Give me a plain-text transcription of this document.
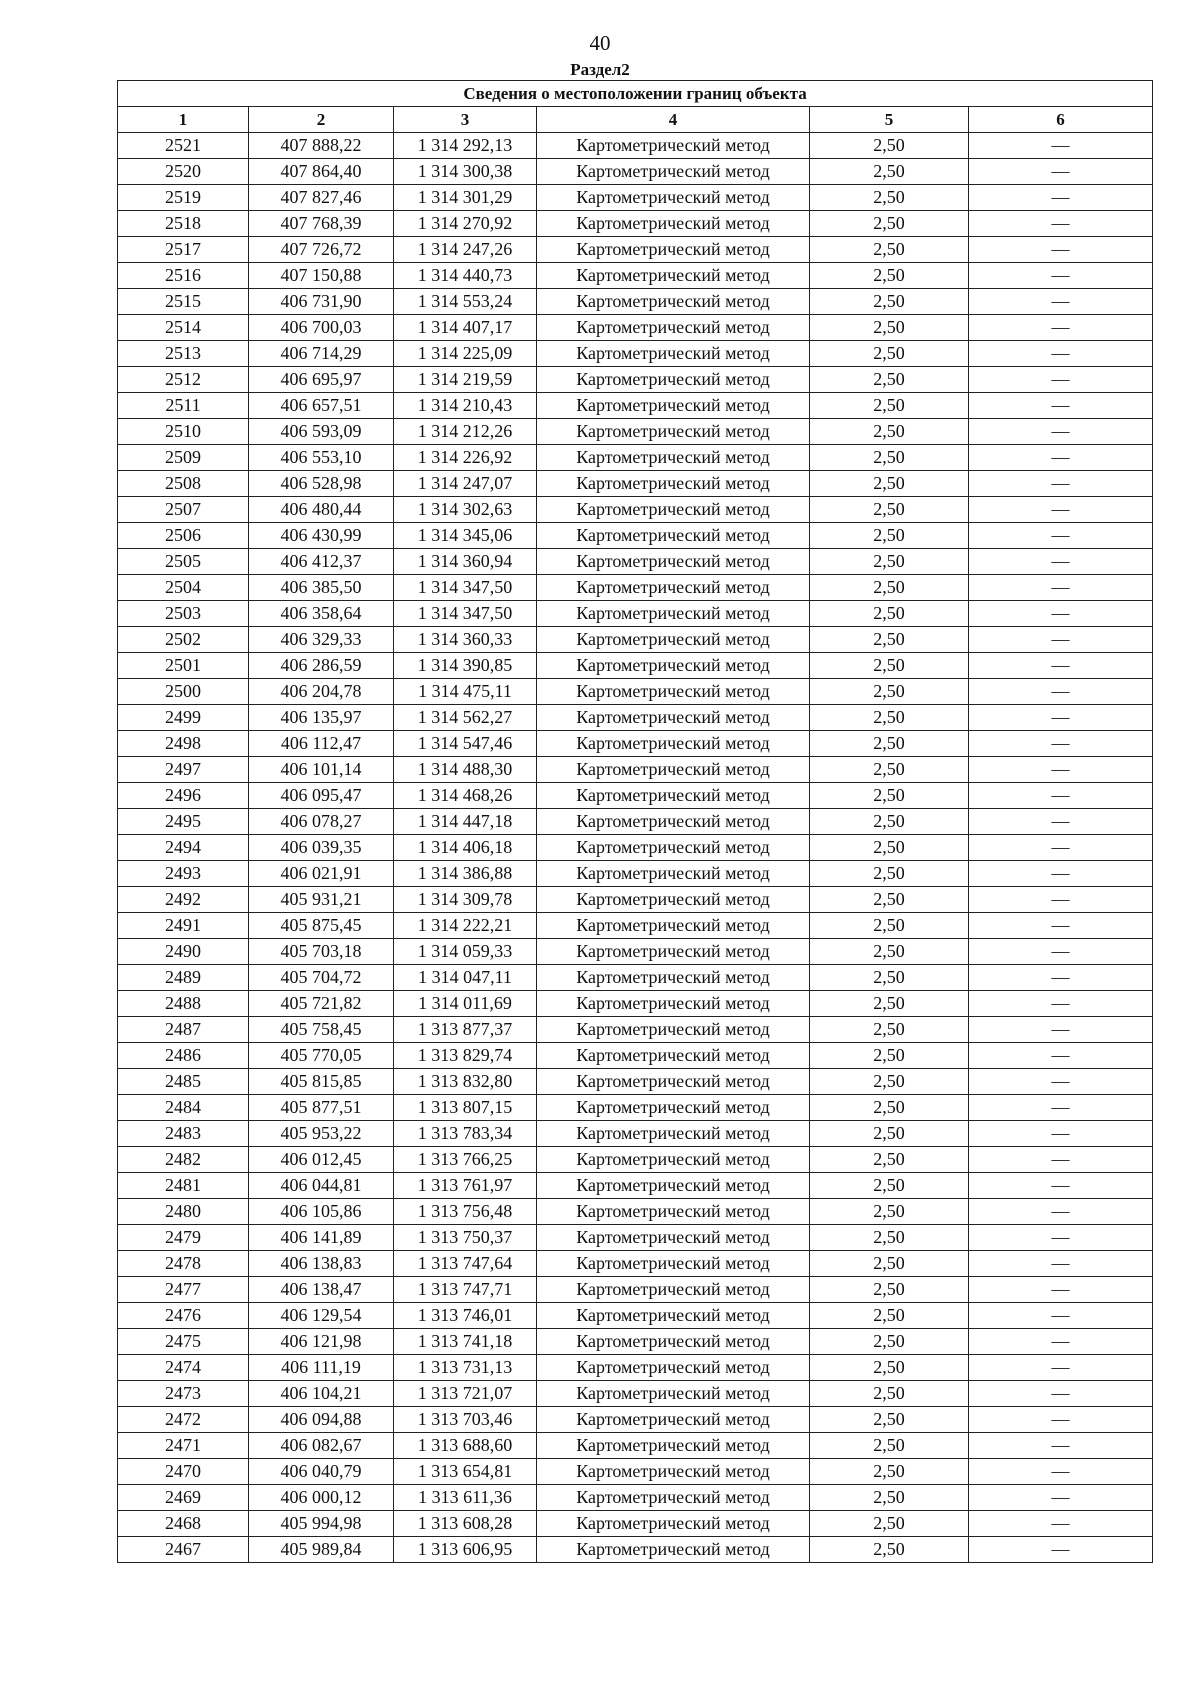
40
Раздел2
Сведения о местоположении границ объекта					
1	2	3	4	5	6
2521	407 888,22	1 314 292,13	Картометрический метод	2,50	—
2520	407 864,40	1 314 300,38	Картометрический метод	2,50	—
2519	407 827,46	1 314 301,29	Картометрический метод	2,50	—
2518	407 768,39	1 314 270,92	Картометрический метод	2,50	—
2517	407 726,72	1 314 247,26	Картометрический метод	2,50	—
2516	407 150,88	1 314 440,73	Картометрический метод	2,50	—
2515	406 731,90	1 314 553,24	Картометрический метод	2,50	—
2514	406 700,03	1 314 407,17	Картометрический метод	2,50	—
2513	406 714,29	1 314 225,09	Картометрический метод	2,50	—
2512	406 695,97	1 314 219,59	Картометрический метод	2,50	—
2511	406 657,51	1 314 210,43	Картометрический метод	2,50	—
2510	406 593,09	1 314 212,26	Картометрический метод	2,50	—
2509	406 553,10	1 314 226,92	Картометрический метод	2,50	—
2508	406 528,98	1 314 247,07	Картометрический метод	2,50	—
2507	406 480,44	1 314 302,63	Картометрический метод	2,50	—
2506	406 430,99	1 314 345,06	Картометрический метод	2,50	—
2505	406 412,37	1 314 360,94	Картометрический метод	2,50	—
2504	406 385,50	1 314 347,50	Картометрический метод	2,50	—
2503	406 358,64	1 314 347,50	Картометрический метод	2,50	—
2502	406 329,33	1 314 360,33	Картометрический метод	2,50	—
2501	406 286,59	1 314 390,85	Картометрический метод	2,50	—
2500	406 204,78	1 314 475,11	Картометрический метод	2,50	—
2499	406 135,97	1 314 562,27	Картометрический метод	2,50	—
2498	406 112,47	1 314 547,46	Картометрический метод	2,50	—
2497	406 101,14	1 314 488,30	Картометрический метод	2,50	—
2496	406 095,47	1 314 468,26	Картометрический метод	2,50	—
2495	406 078,27	1 314 447,18	Картометрический метод	2,50	—
2494	406 039,35	1 314 406,18	Картометрический метод	2,50	—
2493	406 021,91	1 314 386,88	Картометрический метод	2,50	—
2492	405 931,21	1 314 309,78	Картометрический метод	2,50	—
2491	405 875,45	1 314 222,21	Картометрический метод	2,50	—
2490	405 703,18	1 314 059,33	Картометрический метод	2,50	—
2489	405 704,72	1 314 047,11	Картометрический метод	2,50	—
2488	405 721,82	1 314 011,69	Картометрический метод	2,50	—
2487	405 758,45	1 313 877,37	Картометрический метод	2,50	—
2486	405 770,05	1 313 829,74	Картометрический метод	2,50	—
2485	405 815,85	1 313 832,80	Картометрический метод	2,50	—
2484	405 877,51	1 313 807,15	Картометрический метод	2,50	—
2483	405 953,22	1 313 783,34	Картометрический метод	2,50	—
2482	406 012,45	1 313 766,25	Картометрический метод	2,50	—
2481	406 044,81	1 313 761,97	Картометрический метод	2,50	—
2480	406 105,86	1 313 756,48	Картометрический метод	2,50	—
2479	406 141,89	1 313 750,37	Картометрический метод	2,50	—
2478	406 138,83	1 313 747,64	Картометрический метод	2,50	—
2477	406 138,47	1 313 747,71	Картометрический метод	2,50	—
2476	406 129,54	1 313 746,01	Картометрический метод	2,50	—
2475	406 121,98	1 313 741,18	Картометрический метод	2,50	—
2474	406 111,19	1 313 731,13	Картометрический метод	2,50	—
2473	406 104,21	1 313 721,07	Картометрический метод	2,50	—
2472	406 094,88	1 313 703,46	Картометрический метод	2,50	—
2471	406 082,67	1 313 688,60	Картометрический метод	2,50	—
2470	406 040,79	1 313 654,81	Картометрический метод	2,50	—
2469	406 000,12	1 313 611,36	Картометрический метод	2,50	—
2468	405 994,98	1 313 608,28	Картометрический метод	2,50	—
2467	405 989,84	1 313 606,95	Картометрический метод	2,50	—
